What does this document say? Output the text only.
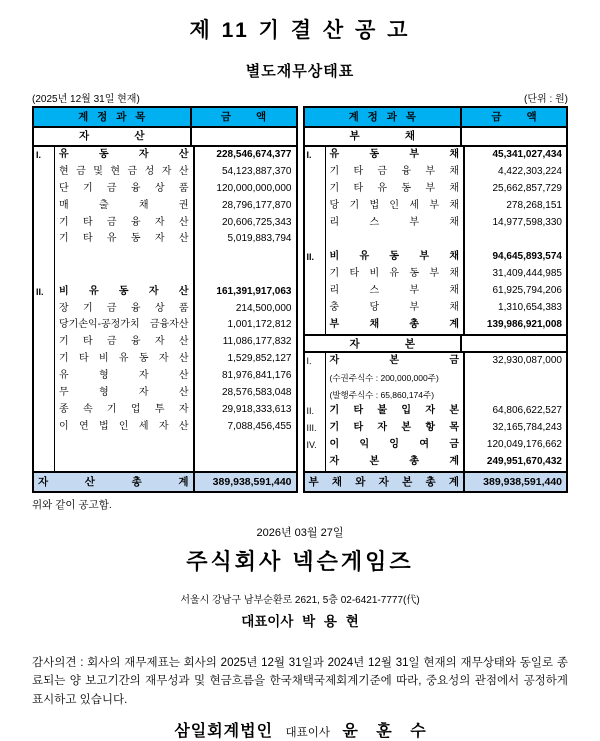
제 11 기 결 산 공 고
별도재무상태표
(2025년 12월 31일 현재)	(단위 : 원)
계 정 과 목	금 액
자 산
I.	유 동 자 산	228,546,674,377
현 금 및 현 금 성 자 산	54,123,887,370
단 기 금 융 상 품	120,000,000,000
매 출 채 권	28,796,177,870
기 타 금 융 자 산	20,606,725,343
기 타 유 동 자 산	5,019,883,794
II.	비 유 동 자 산	161,391,917,063
장 기 금 융 상 품	214,500,000
당기손익-공정가치 금융자산	1,001,172,812
기 타 금 융 자 산	11,086,177,832
기 타 비 유 동 자 산	1,529,852,127
유 형 자 산	81,976,841,176
무 형 자 산	28,576,583,048
종 속 기 업 투 자	29,918,333,613
이 연 법 인 세 자 산	7,088,456,455
자 산 총 계	389,938,591,440
계 정 과 목	금 액
부 채
I.	유 동 부 채	45,341,027,434
기 타 금 융 부 채	4,422,303,224
기 타 유 동 부 채	25,662,857,729
당 기 법 인 세 부 채	278,268,151
리 스 부 채	14,977,598,330
II.	비 유 동 부 채	94,645,893,574
기 타 비 유 동 부 채	31,409,444,985
리 스 부 채	61,925,794,206
충 당 부 채	1,310,654,383
부 채 총 계	139,986,921,008
자 본
I.	자 본 금	32,930,087,000
(수권주식수 : 200,000,000주)
(발행주식수 : 65,860,174주)
II.	기 타 불 입 자 본	64,806,622,527
III.	기 타 자 본 항 목	32,165,784,243
IV.	이 익 잉 여 금	120,049,176,662
자 본 총 계	249,951,670,432
부 채 와 자 본 총 계	389,938,591,440
위와 같이 공고함.
2026년 03월 27일
주식회사 넥슨게임즈
서울시 강남구 남부순환로 2621, 5층 02-6421-7777(代)
대표이사 박 용 현
감사의견 : 회사의 재무제표는 회사의 2025년 12월 31일과 2024년 12월 31일 현재의 재무상태와 동일로 종료되는 양 보고기간의 재무성과 및 현금흐름을 한국채택국제회계기준에 따라, 중요성의 관점에서 공정하게 표시하고 있습니다.
삼일회계법인 대표이사 윤 훈 수
